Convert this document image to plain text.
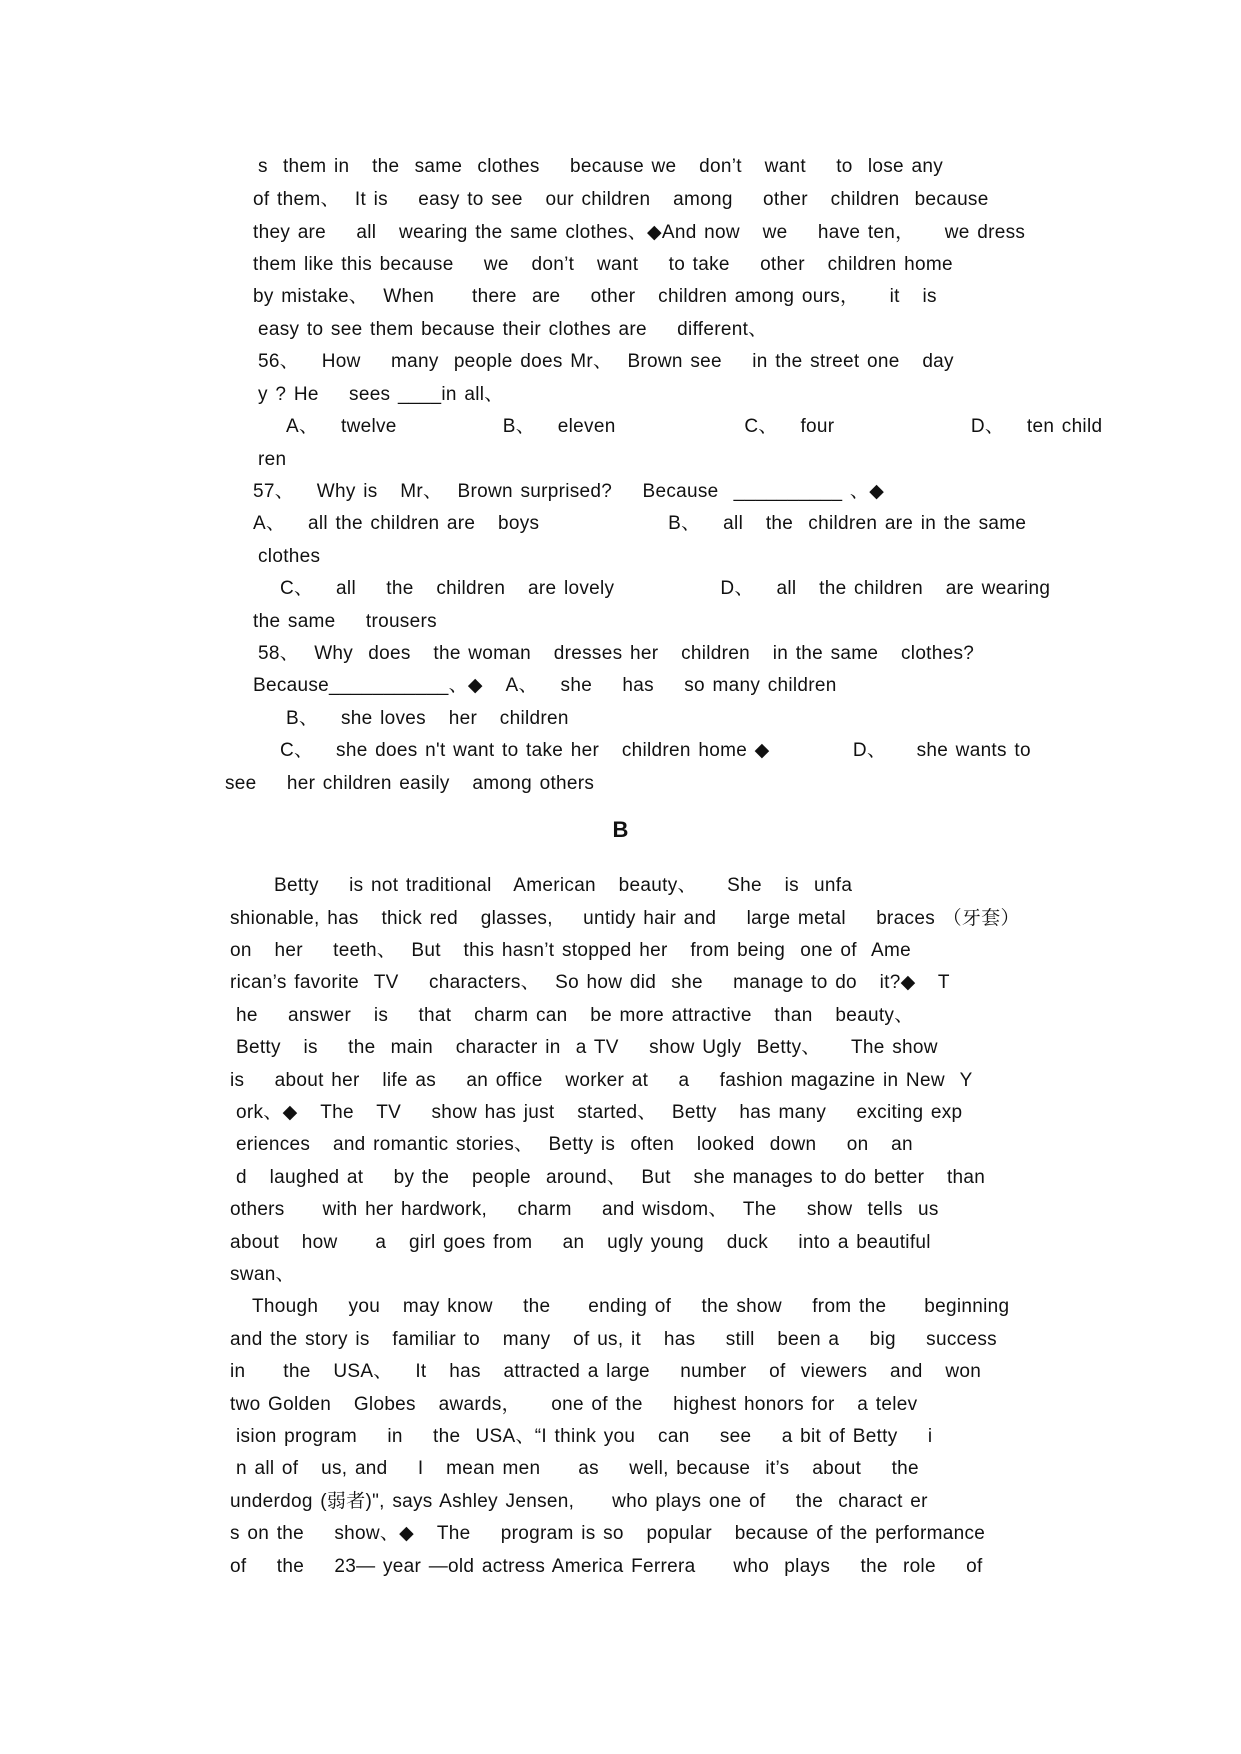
s  them in   the  same  clothes    because we   don’t   want    to  lose any
of them、  It is    easy to see   our children   among    other   children  because
they are    all   wearing the same clothes、◆And now   we    have ten，    we dress
them like this because    we   don’t   want    to take    other   children home
by mistake、  When     there  are    other   children among ours，    it   is
easy to see them because their clothes are    different、
56、   How    many  people does Mr、  Brown see    in the street one   day
y ? He    sees ____in all、
A、   twelve              B、   eleven                 C、   four                  D、   ten child
ren
57、   Why is   Mr、  Brown surprised?    Because  __________ 、◆
A、   all the children are   boys                 B、   all   the  children are in the same
clothes
C、   all    the   children   are lovely              D、   all   the children   are wearing
the same    trousers
58、  Why  does   the woman   dresses her   children   in the same   clothes?
Because___________、◆   A、   she    has    so many children
B、   she loves   her   children
C、   she does n't want to take her   children home ◆           D、    she wants to
see    her children easily   among others
B
Betty    is not traditional   American   beauty、    She   is  unfa
shionable, has   thick red   glasses,    untidy hair and    large metal    braces （牙套）
on   her    teeth、  But   this hasn’t stopped her   from being  one of  Ame
rican’s favorite  TV    characters、  So how did  she    manage to do   it?◆   T
he    answer   is    that   charm can   be more attractive   than   beauty、
Betty   is    the  main   character in  a TV    show Ugly  Betty、    The show
is    about her   life as    an office   worker at    a    fashion magazine in New  Y
ork、◆   The   TV    show has just   started、  Betty   has many    exciting exp
eriences   and romantic stories、  Betty is  often   looked  down    on   an
d   laughed at    by the   people  around、  But   she manages to do better   than
others     with her hardwork,    charm    and wisdom、  The    show  tells  us
about   how     a   girl goes from    an   ugly young   duck    into a beautiful
swan、
Though    you   may know    the     ending of    the show    from the     beginning
and the story is   familiar to   many   of us, it   has    still   been a    big    success
in     the   USA、   It   has   attracted a large    number   of  viewers   and   won
two Golden   Globes   awards，    one of the    highest honors for   a telev
ision program    in    the  USA、“I think you   can    see    a bit of Betty    i
n all of   us, and    I   mean men     as    well, because  it’s   about    the
underdog (弱者)", says Ashley Jensen,     who plays one of    the  charact er
s on the    show、◆   The    program is so   popular   because of the performance
of    the    23— year —old actress America Ferrera     who  plays    the  role    of
